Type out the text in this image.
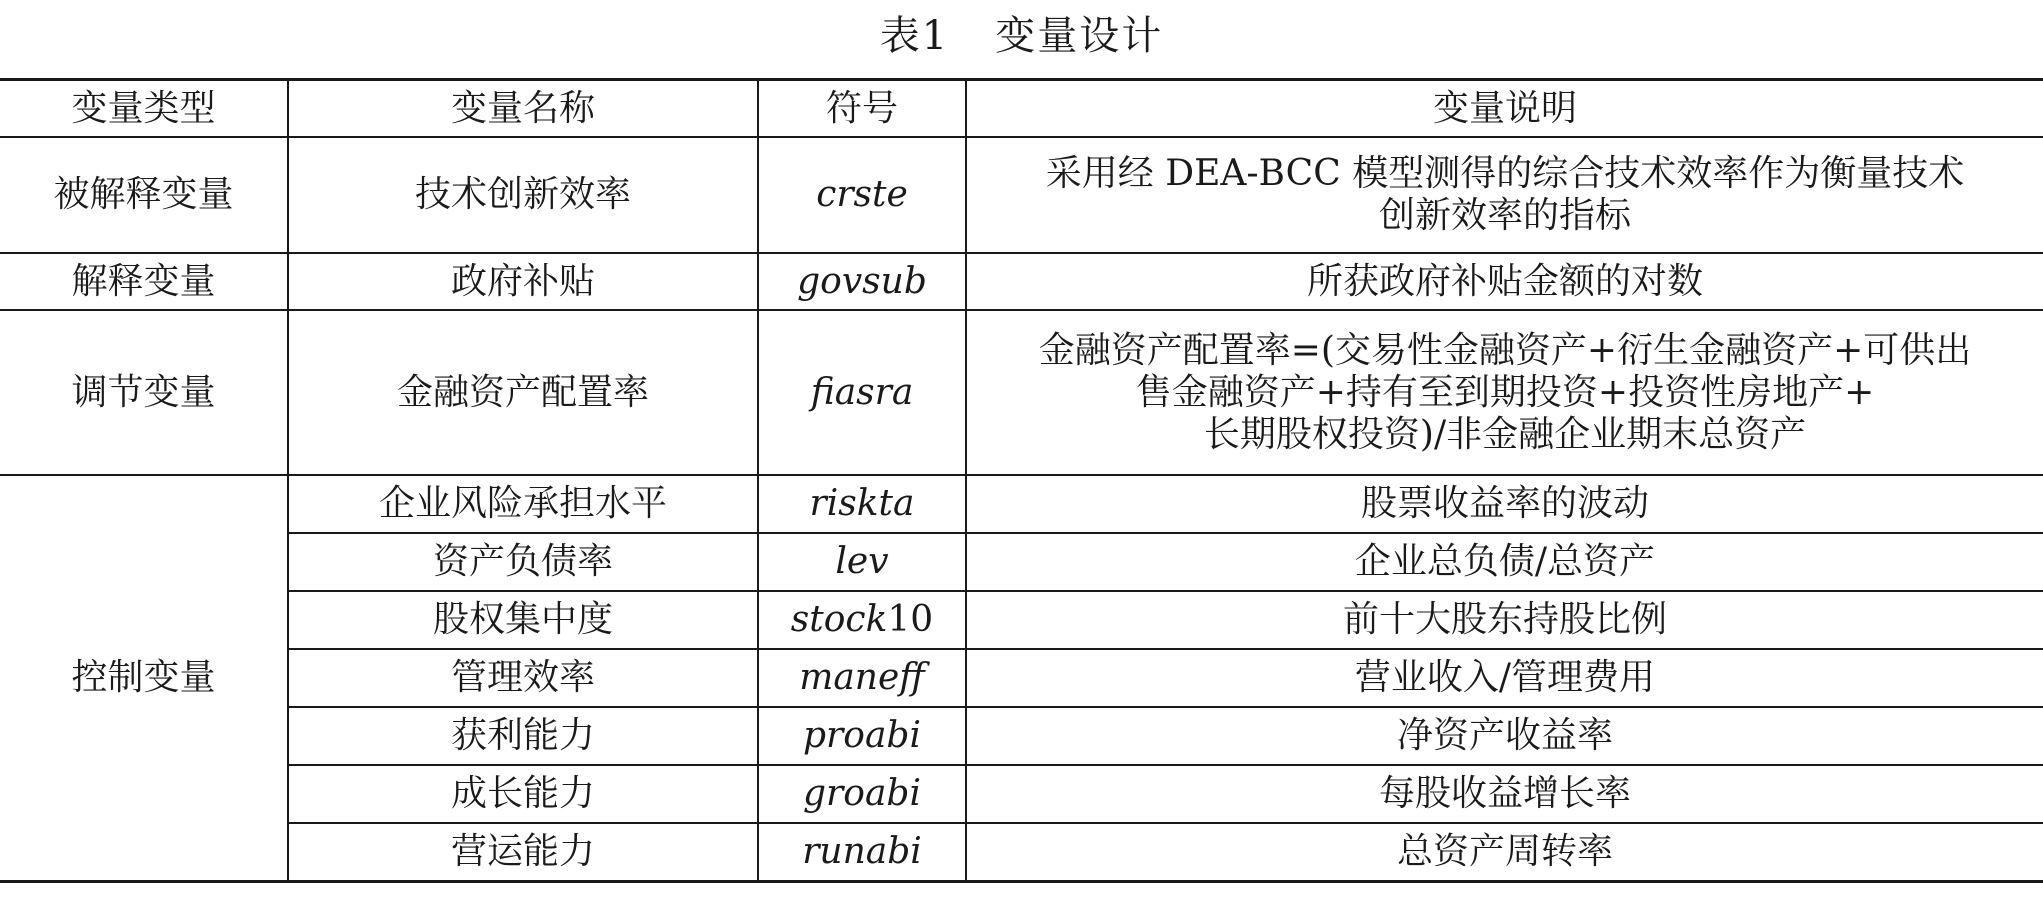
表1 变量设计
变量类型	变量名称	符号	变量说明
被解释变量	技术创新效率	crste	采用经 DEA-BCC 模型测得的综合技术效率作为衡量技术
创新效率的指标

解释变量	政府补贴	govsub	所获政府补贴金额的对数
调节变量	金融资产配置率	fiasra	金融资产配置率=(交易性金融资产+衍生金融资产+可供出
售金融资产+持有至到期投资+投资性房地产+
长期股权投资)/非金融企业期末总资产

控制变量	企业风险承担水平	riskta	股票收益率的波动
	资产负债率	lev	企业总负债/总资产
	股权集中度	stock10	前十大股东持股比例
	管理效率	maneff	营业收入/管理费用
	获利能力	proabi	净资产收益率
	成长能力	groabi	每股收益增长率
	营运能力	runabi	总资产周转率
